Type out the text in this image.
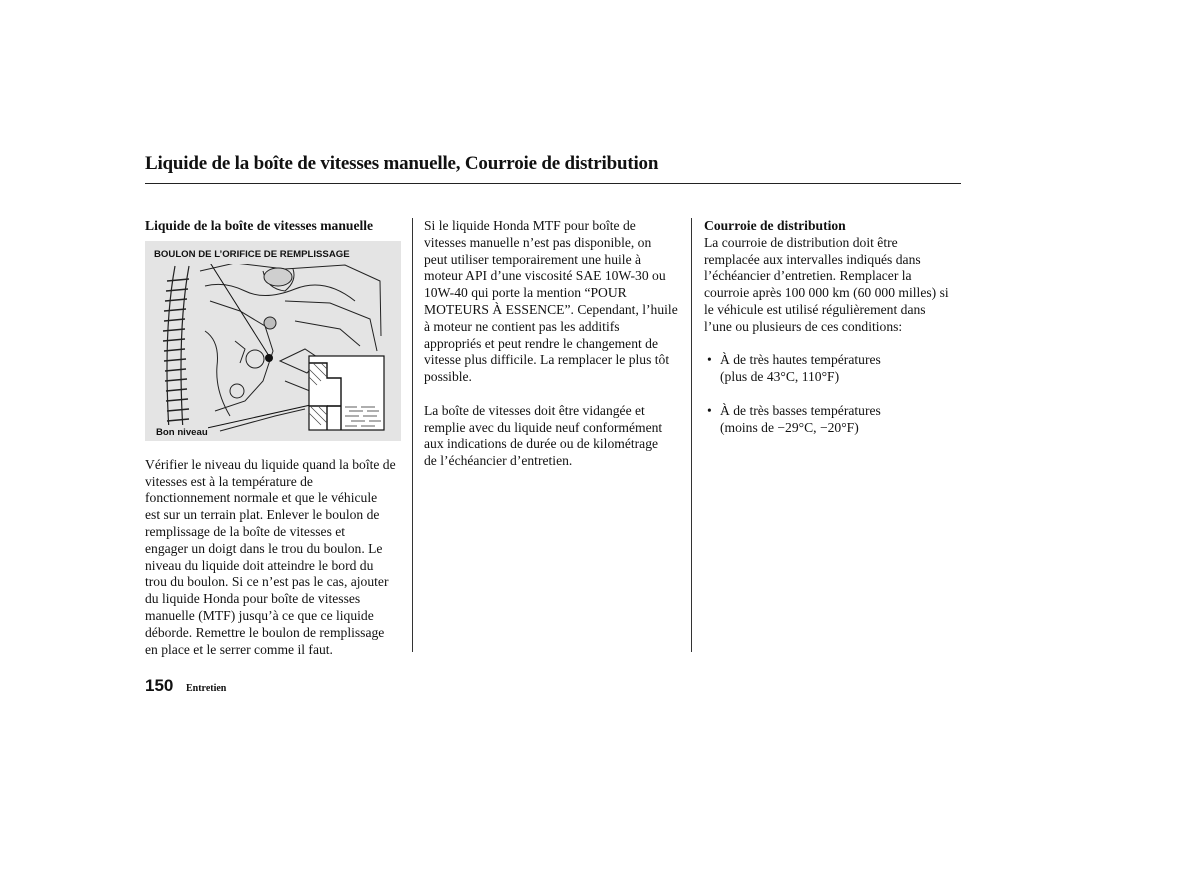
Liquide de la boîte de vitesses manuelle, Courroie de distribution

Liquide de la boîte de vitesses manuelle

BOULON DE L’ORIFICE DE REMPLISSAGE
Bon niveau

Vérifier le niveau du liquide quand la boîte de

vitesses est à la température de

fonctionnement normale et que le véhicule

est sur un terrain plat. Enlever le boulon de

remplissage de la boîte de vitesses et

engager un doigt dans le trou du boulon. Le

niveau du liquide doit atteindre le bord du

trou du boulon. Si ce n’est pas le cas, ajouter

du liquide Honda pour boîte de vitesses

manuelle (MTF) jusqu’à ce que ce liquide

déborde. Remettre le boulon de remplissage

en place et le serrer comme il faut.

Si le liquide Honda MTF pour boîte de

vitesses manuelle n’est pas disponible, on

peut utiliser temporairement une huile à

moteur API d’une viscosité SAE 10W-30 ou

10W-40 qui porte la mention “POUR

MOTEURS À ESSENCE”. Cependant, l’huile

à moteur ne contient pas les additifs

appropriés et peut rendre le changement de

vitesse plus difficile. La remplacer le plus tôt

possible.

La boîte de vitesses doit être vidangée et

remplie avec du liquide neuf conformément

aux indications de durée ou de kilométrage

de l’échéancier d’entretien.

Courroie de distribution

La courroie de distribution doit être

remplacée aux intervalles indiqués dans

l’échéancier d’entretien. Remplacer la

courroie après 100 000 km (60 000 milles) si

le véhicule est utilisé régulièrement dans

l’une ou plusieurs de ces conditions:

• À de très hautes températures
(plus de 43°C, 110°F)
• À de très basses températures
(moins de −29°C, −20°F)
150 Entretien
